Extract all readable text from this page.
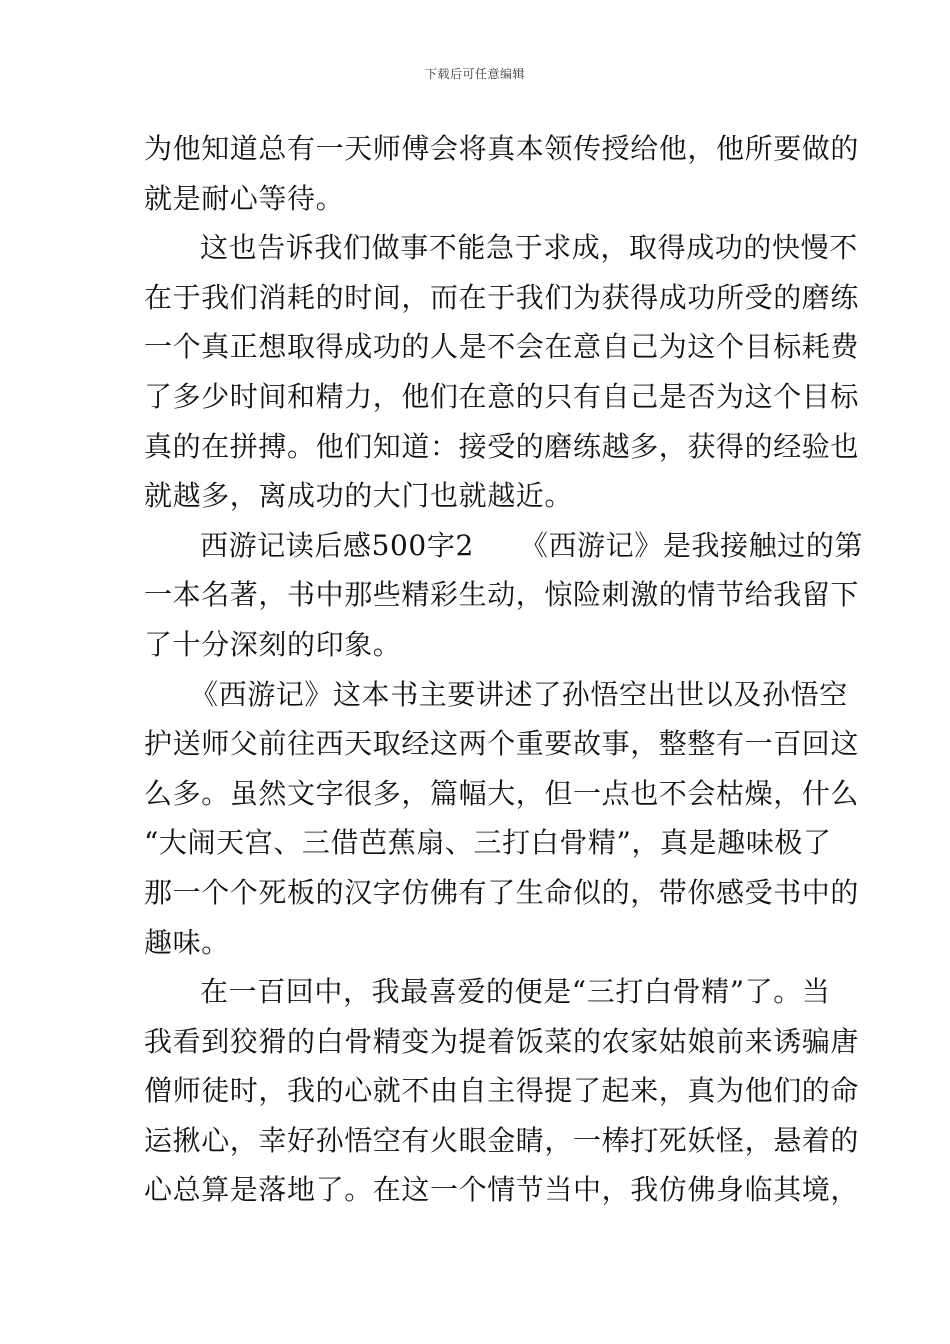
下载后可任意编辑

为他知道总有一天师傅会将真本领传授给他，他所要做的
就是耐心等待。

这也告诉我们做事不能急于求成，取得成功的快慢不
在于我们消耗的时间，而在于我们为获得成功所受的磨练
一个真正想取得成功的人是不会在意自己为这个目标耗费
了多少时间和精力，他们在意的只有自己是否为这个目标
真的在拼搏。他们知道：接受的磨练越多，获得的经验也
就越多，离成功的大门也就越近。

西游记读后感500字2 《西游记》是我接触过的第
一本名著，书中那些精彩生动，惊险刺激的情节给我留下
了十分深刻的印象。

《西游记》这本书主要讲述了孙悟空出世以及孙悟空
护送师父前往西天取经这两个重要故事，整整有一百回这
么多。虽然文字很多，篇幅大，但一点也不会枯燥，什么
“大闹天宫、三借芭蕉扇、三打白骨精”，真是趣味极了
那一个个死板的汉字仿佛有了生命似的，带你感受书中的
趣味。

在一百回中，我最喜爱的便是“三打白骨精”了。当
我看到狡猾的白骨精变为提着饭菜的农家姑娘前来诱骗唐
僧师徒时，我的心就不由自主得提了起来，真为他们的命
运揪心，幸好孙悟空有火眼金睛，一棒打死妖怪，悬着的
心总算是落地了。在这一个情节当中，我仿佛身临其境，
